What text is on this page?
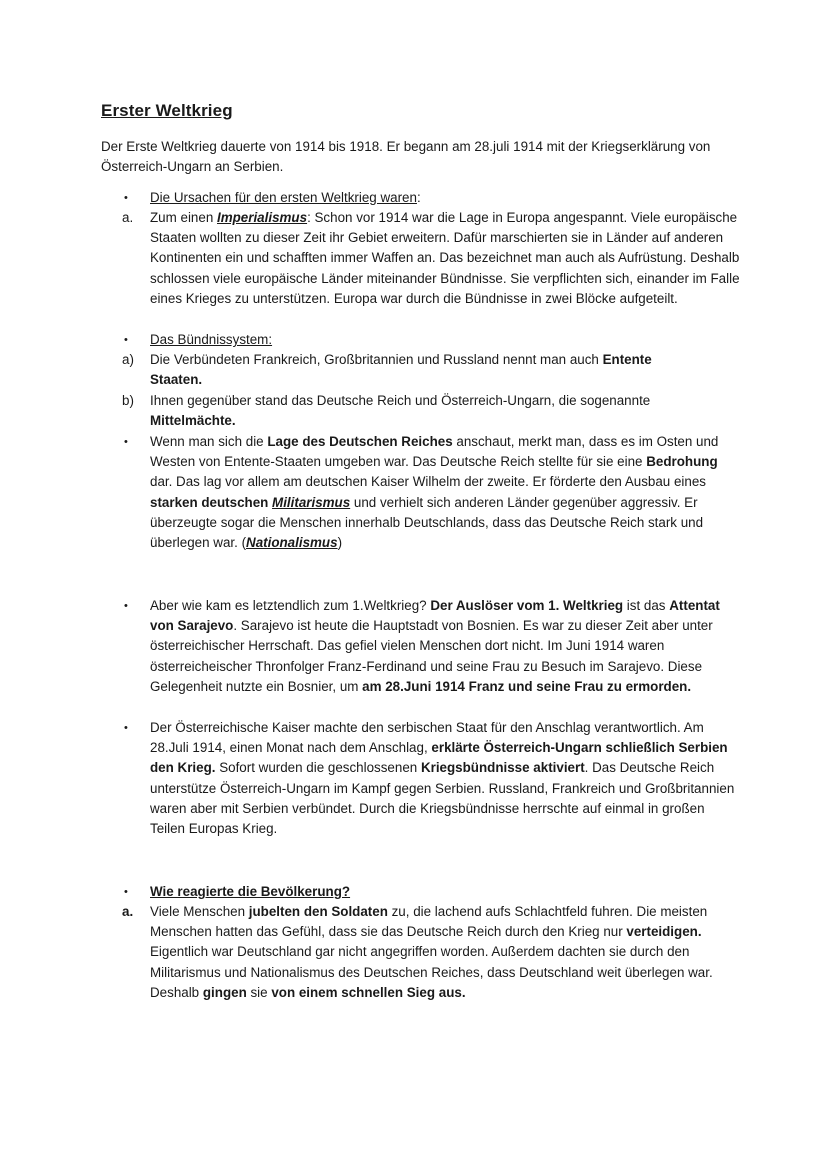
Erster Weltkrieg
Der Erste Weltkrieg dauerte von 1914 bis 1918. Er begann am 28.juli 1914 mit der Kriegserklärung von Österreich-Ungarn an Serbien.
•	Die Ursachen für den ersten Weltkrieg waren:
a.	Zum einen Imperialismus: Schon vor 1914 war die Lage in Europa angespannt. Viele europäische Staaten wollten zu dieser Zeit ihr Gebiet erweitern. Dafür marschierten sie in Länder auf anderen Kontinenten ein und schafften immer Waffen an. Das bezeichnet man auch als Aufrüstung. Deshalb schlossen viele europäische Länder miteinander Bündnisse. Sie verpflichten sich, einander im Falle eines Krieges zu unterstützen. Europa war durch die Bündnisse in zwei Blöcke aufgeteilt.
•	Das Bündnissystem:
a)	Die Verbündeten Frankreich, Großbritannien und Russland nennt man auch Entente Staaten.
b)	Ihnen gegenüber stand das Deutsche Reich und Österreich-Ungarn, die sogenannte Mittelmächte.
•	Wenn man sich die Lage des Deutschen Reiches anschaut, merkt man, dass es im Osten und Westen von Entente-Staaten umgeben war. Das Deutsche Reich stellte für sie eine Bedrohung dar. Das lag vor allem am deutschen Kaiser Wilhelm der zweite. Er förderte den Ausbau eines starken deutschen Militarismus und verhielt sich anderen Länder gegenüber aggressiv. Er überzeugte sogar die Menschen innerhalb Deutschlands, dass das Deutsche Reich stark und überlegen war. (Nationalismus)
•	Aber wie kam es letztendlich zum 1.Weltkrieg? Der Auslöser vom 1. Weltkrieg ist das Attentat von Sarajevo. Sarajevo ist heute die Hauptstadt von Bosnien. Es war zu dieser Zeit aber unter österreichischer Herrschaft. Das gefiel vielen Menschen dort nicht. Im Juni 1914 waren österreicheischer Thronfolger Franz-Ferdinand und seine Frau zu Besuch im Sarajevo. Diese Gelegenheit nutzte ein Bosnier, um am 28.Juni 1914 Franz und seine Frau zu ermorden.
•	Der Österreichische Kaiser machte den serbischen Staat für den Anschlag verantwortlich. Am 28.Juli 1914, einen Monat nach dem Anschlag, erklärte Österreich-Ungarn schließlich Serbien den Krieg. Sofort wurden die geschlossenen Kriegsbündnisse aktiviert. Das Deutsche Reich unterstütze Österreich-Ungarn im Kampf gegen Serbien. Russland, Frankreich und Großbritannien waren aber mit Serbien verbündet. Durch die Kriegsbündnisse herrschte auf einmal in großen Teilen Europas Krieg.
•	Wie reagierte die Bevölkerung?
a.	Viele Menschen jubelten den Soldaten zu, die lachend aufs Schlachtfeld fuhren. Die meisten Menschen hatten das Gefühl, dass sie das Deutsche Reich durch den Krieg nur verteidigen. Eigentlich war Deutschland gar nicht angegriffen worden. Außerdem dachten sie durch den Militarismus und Nationalismus des Deutschen Reiches, dass Deutschland weit überlegen war. Deshalb gingen sie von einem schnellen Sieg aus.
